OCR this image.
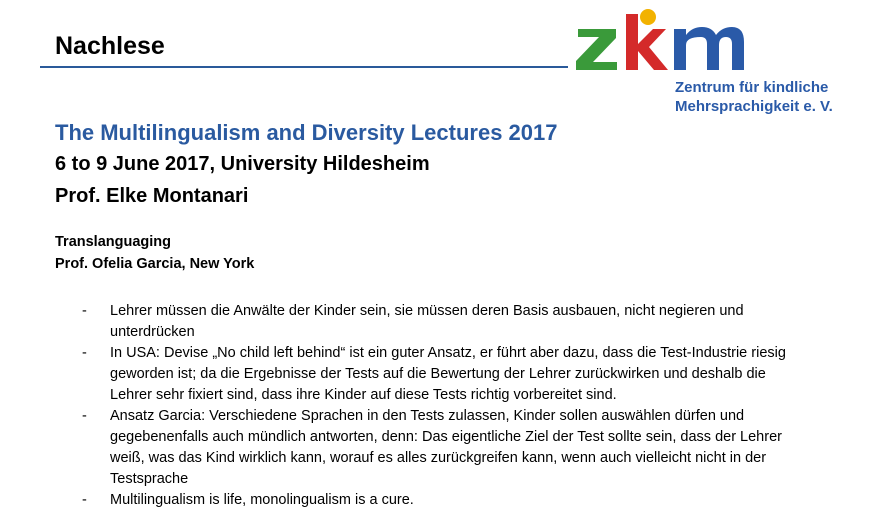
Nachlese
Zentrum für kindliche
Mehrsprachigkeit e. V.
The Multilingualism and Diversity Lectures 2017
6 to 9 June 2017, University Hildesheim
Prof. Elke Montanari
Translanguaging
Prof. Ofelia Garcia, New York
- Lehrer müssen die Anwälte der Kinder sein, sie müssen deren Basis ausbauen, nicht negieren und unterdrücken
- In USA: Devise „No child left behind“ ist ein guter Ansatz, er führt aber dazu, dass die Test-Industrie riesig geworden ist; da die Ergebnisse der Tests auf die Bewertung der Lehrer zurückwirken und deshalb die Lehrer sehr fixiert sind, dass ihre Kinder auf diese Tests richtig vorbereitet sind.
- Ansatz Garcia: Verschiedene Sprachen in den Tests zulassen, Kinder sollen auswählen dürfen und gegebenenfalls auch mündlich antworten, denn: Das eigentliche Ziel der Test sollte sein, dass der Lehrer weiß, was das Kind wirklich kann, worauf es alles zurückgreifen kann, wenn auch vielleicht nicht in der Testsprache
- Multilingualism is life, monolingualism is a cure.
